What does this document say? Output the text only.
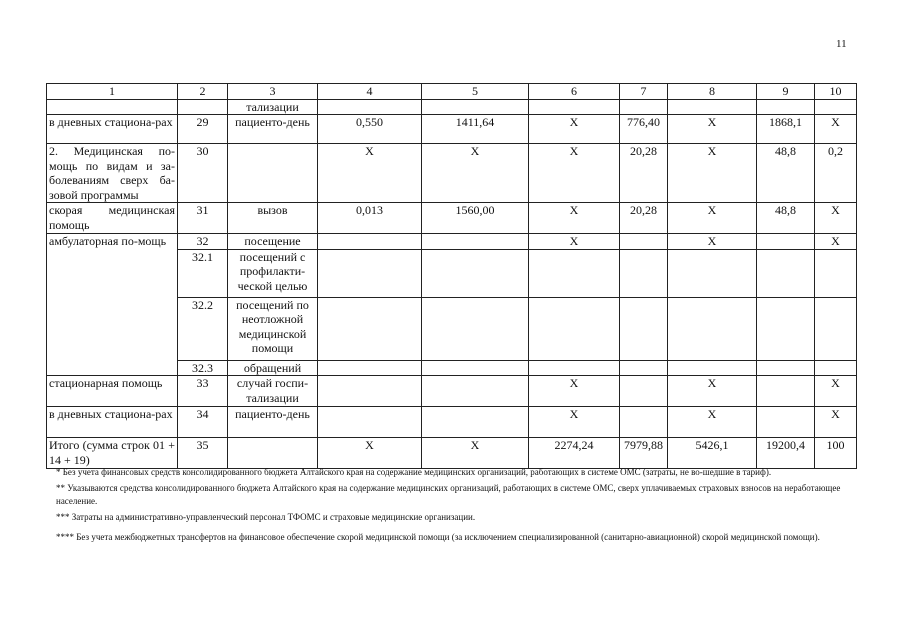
11
1	2	3	4	5	6	7	8	9	10
		тализации							
в дневных стациона-рах	29	пациенто-день	0,550	1411,64	Х	776,40	Х	1868,1	Х
2. Медицинская по-мощь по видам и за-болеваниям сверх ба-зовой программы	30		Х	Х	Х	20,28	Х	48,8	0,2
скорая медицинская помощь	31	вызов	0,013	1560,00	Х	20,28	Х	48,8	Х
амбулаторная по-мощь	32	посещение			Х		Х		Х
	32.1	посещений с профилакти-ческой целью							
	32.2	посещений по неотложной медицинской помощи							
	32.3	обращений							
стационарная помощь	33	случай госпи-тализации			Х		Х		Х
в дневных стациона-рах	34	пациенто-день			Х		Х		Х
Итого (сумма строк 01 + 14 + 19)	35		Х	Х	2274,24	7979,88	5426,1	19200,4	100

* Без учета финансовых средств консолидированного бюджета Алтайского края на содержание медицинских организаций, работающих в системе ОМС (затраты, не во-шедшие в тариф).

** Указываются средства консолидированного бюджета Алтайского края на содержание медицинских организаций, работающих в системе ОМС, сверх уплачиваемых страховых взносов на неработающее население.

*** Затраты на административно-управленческий персонал ТФОМС и страховые медицинские организации.

**** Без учета межбюджетных трансфертов на финансовое обеспечение скорой медицинской помощи (за исключением специализированной (санитарно-авиационной) скорой медицинской помощи).
